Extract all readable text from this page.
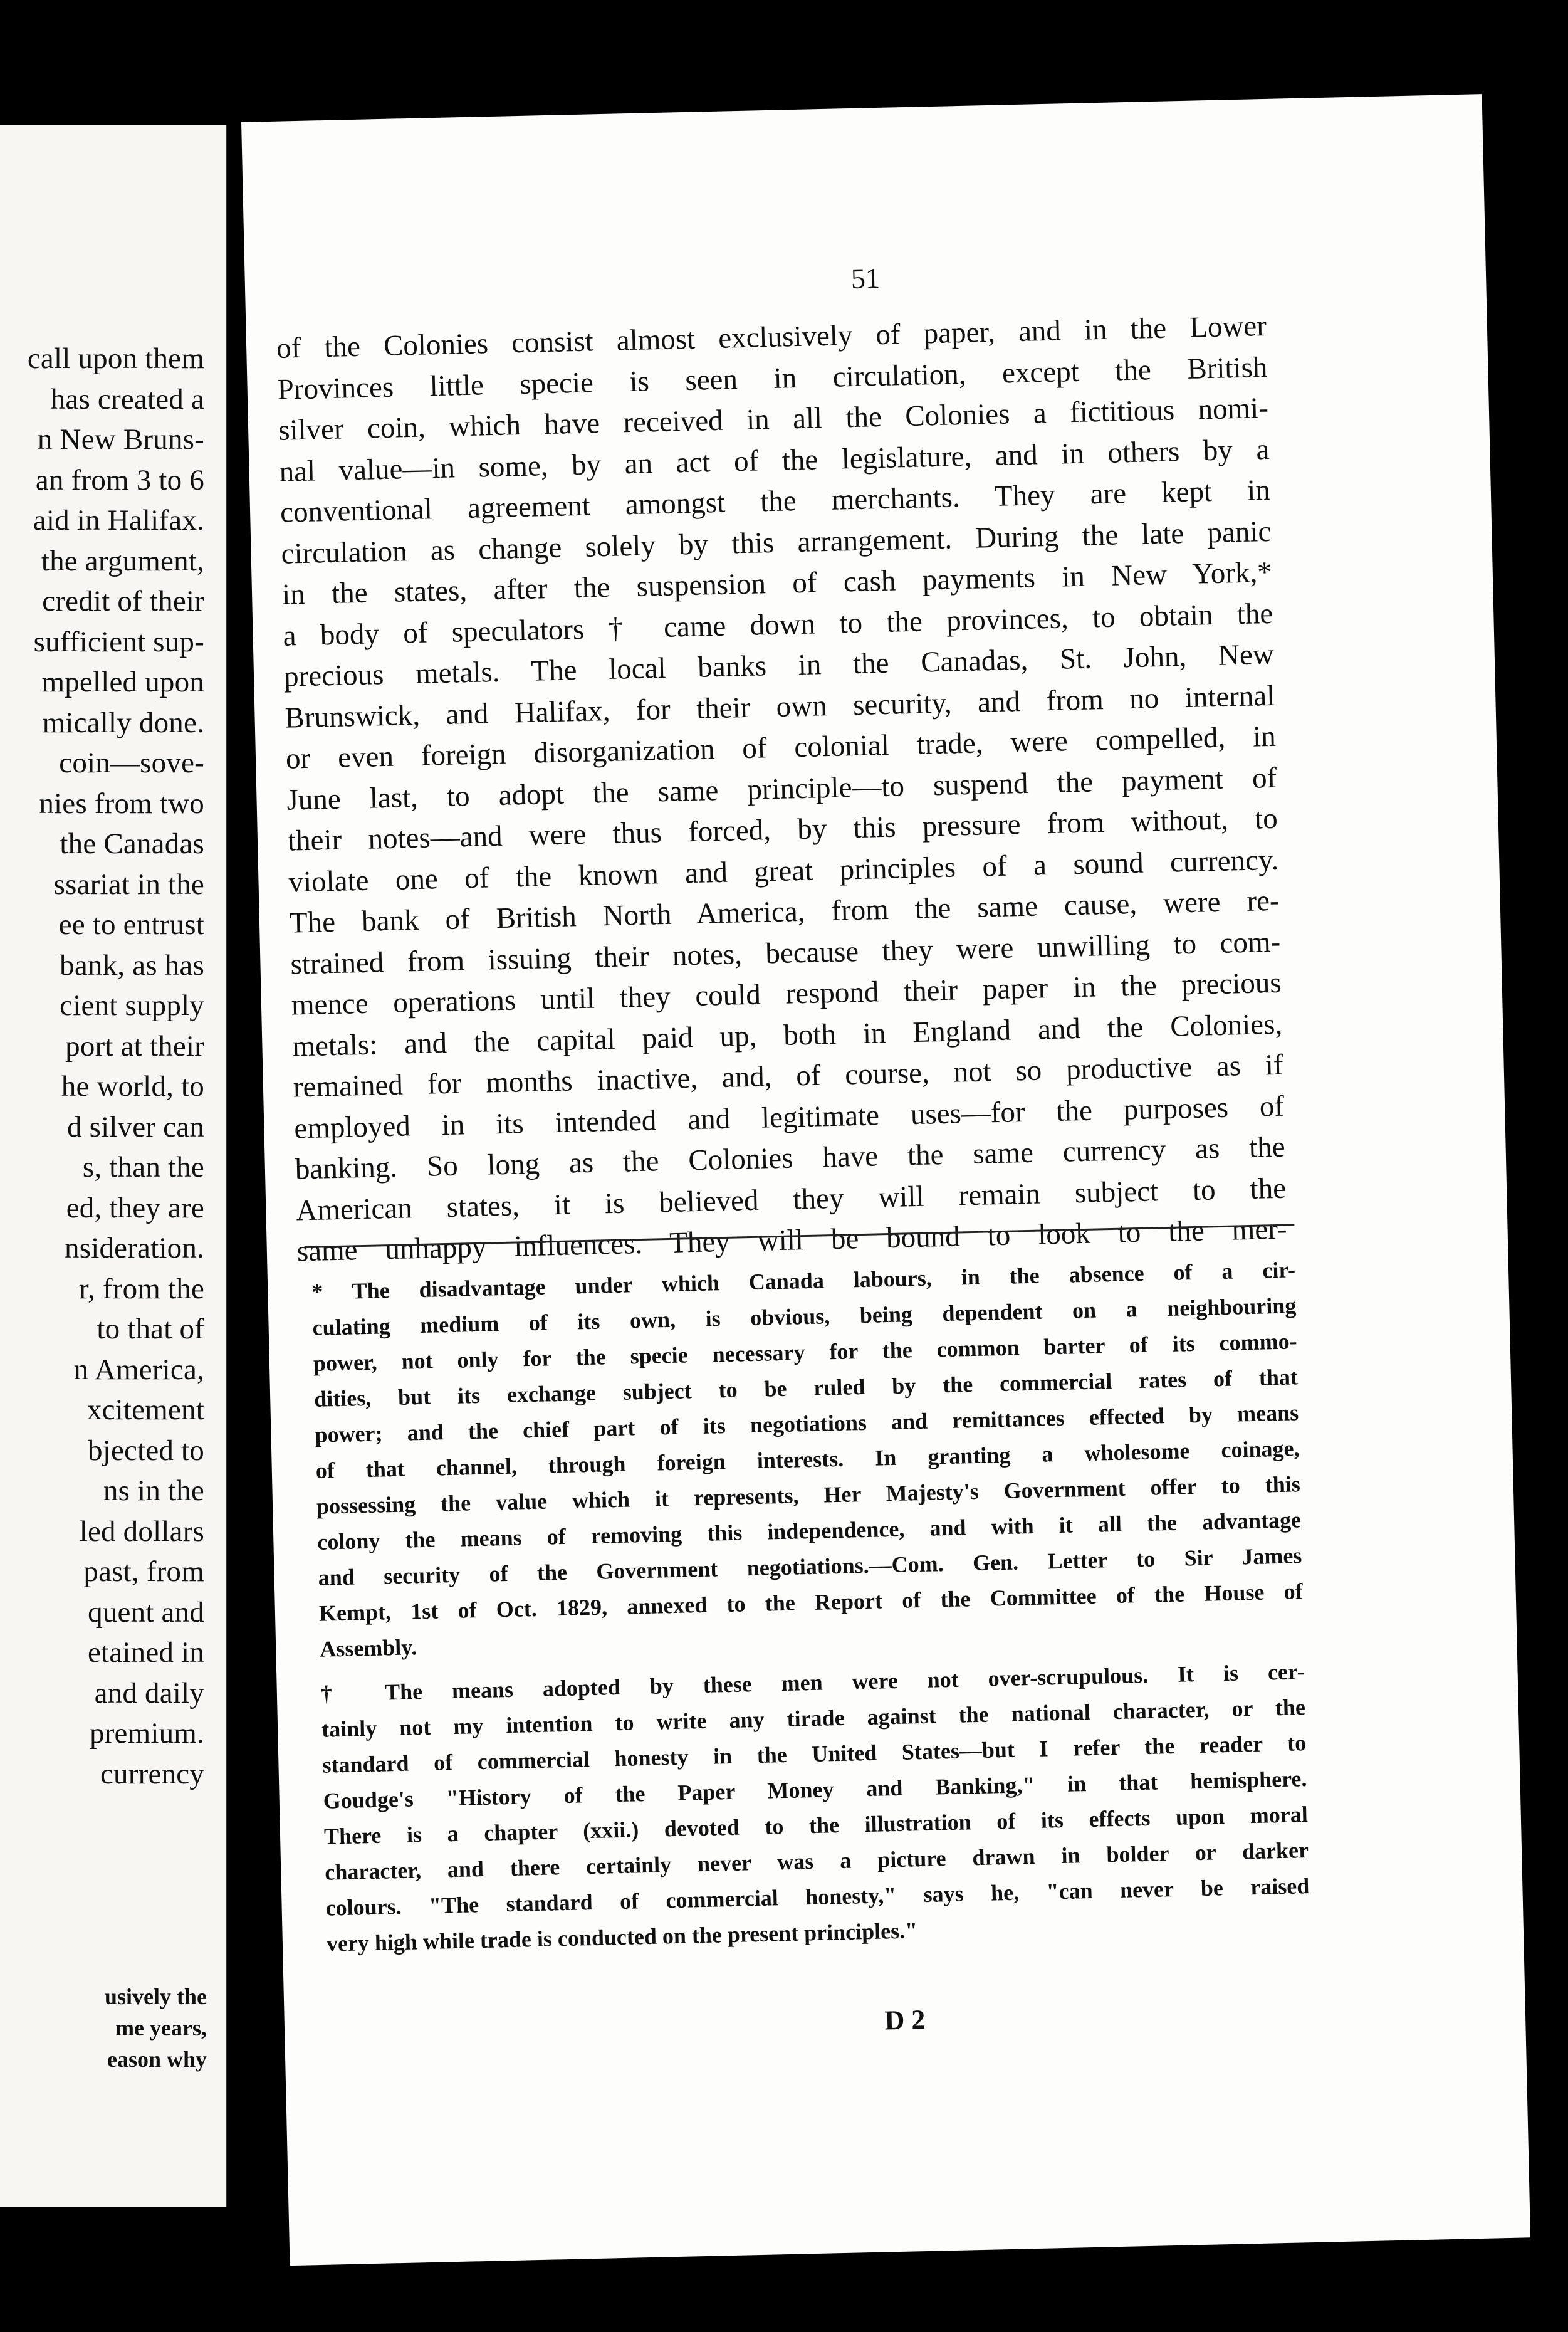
call upon them
has created a
n New Bruns-
an from 3 to 6
aid in Halifax.
the argument,
credit of their
sufficient sup-
mpelled upon
mically done.
coin—sove-
nies from two
the Canadas
ssariat in the
ee to entrust
bank, as has
cient supply
port at their
he world, to
d silver can
s, than the
ed, they are
nsideration.
r, from the
to that of
n America,
xcitement
bjected to
ns in the
led dollars
past, from
quent and
etained in
and daily
premium.
currency
usively the
me years,
eason why
51
of the Colonies consist almost exclusively of paper, and in the Lower
Provinces little specie is seen in circulation, except the British
silver coin, which have received in all the Colonies a fictitious nomi-
nal value—in some, by an act of the legislature, and in others by a
conventional agreement amongst the merchants. They are kept in
circulation as change solely by this arrangement. During the late panic
in the states, after the suspension of cash payments in New York,*
a body of speculators † came down to the provinces, to obtain the
precious metals. The local banks in the Canadas, St. John, New
Brunswick, and Halifax, for their own security, and from no internal
or even foreign disorganization of colonial trade, were compelled, in
June last, to adopt the same principle—to suspend the payment of
their notes—and were thus forced, by this pressure from without, to
violate one of the known and great principles of a sound currency.
The bank of British North America, from the same cause, were re-
strained from issuing their notes, because they were unwilling to com-
mence operations until they could respond their paper in the precious
metals: and the capital paid up, both in England and the Colonies,
remained for months inactive, and, of course, not so productive as if
employed in its intended and legitimate uses—for the purposes of
banking. So long as the Colonies have the same currency as the
American states, it is believed they will remain subject to the
same unhappy influences. They will be bound to look to the mer-
* The disadvantage under which Canada labours, in the absence of a cir-
culating medium of its own, is obvious, being dependent on a neighbouring
power, not only for the specie necessary for the common barter of its commo-
dities, but its exchange subject to be ruled by the commercial rates of that
power; and the chief part of its negotiations and remittances effected by means
of that channel, through foreign interests. In granting a wholesome coinage,
possessing the value which it represents, Her Majesty's Government offer to this
colony the means of removing this independence, and with it all the advantage
and security of the Government negotiations.—Com. Gen. Letter to Sir James
Kempt, 1st of Oct. 1829, annexed to the Report of the Committee of the House of
Assembly.
† The means adopted by these men were not over-scrupulous. It is cer-
tainly not my intention to write any tirade against the national character, or the
standard of commercial honesty in the United States—but I refer the reader to
Goudge's "History of the Paper Money and Banking," in that hemisphere.
There is a chapter (xxii.) devoted to the illustration of its effects upon moral
character, and there certainly never was a picture drawn in bolder or darker
colours. "The standard of commercial honesty," says he, "can never be raised
very high while trade is conducted on the present principles."
D 2
